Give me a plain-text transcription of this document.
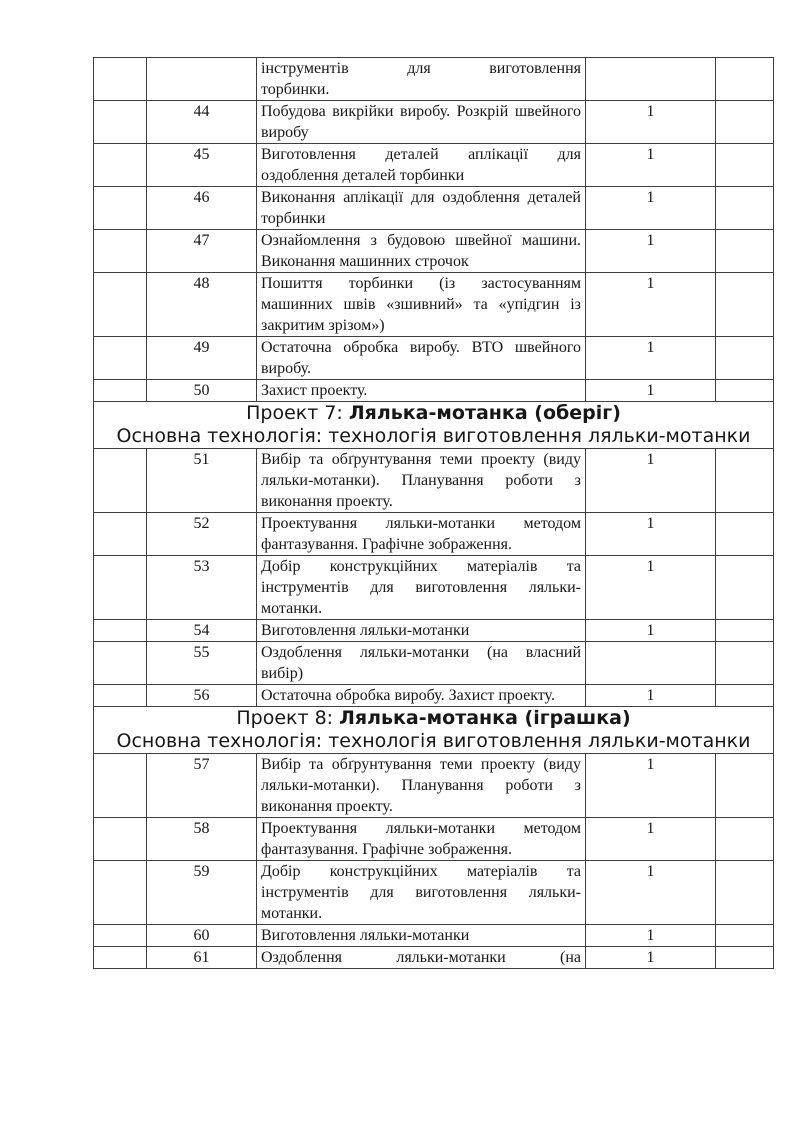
		інструментів для виготовлення
торбинки.		

	44	Побудова викрійки виробу. Розкрій швейного виробу	1	
	45	Виготовлення деталей аплікації для оздоблення деталей торбинки	1	
	46	Виконання аплікації для оздоблення деталей торбинки	1	
	47	Ознайомлення з будовою швейної машини. Виконання машинних строчок	1	
	48	Пошиття торбинки (із застосуванням машинних швів «зшивний» та «упідгин із закритим зрізом»)	1	
	49	Остаточна обробка виробу. ВТО швейного виробу.	1	
	50	Захист проекту.	1	

Проект 7: Лялька-мотанка (оберіг)
Основна технологія: технологія виготовлення ляльки-мотанки				

	51	Вибір та обґрунтування теми проекту (виду ляльки-мотанки). Планування роботи з виконання проекту.	1	
	52	Проектування ляльки-мотанки методом фантазування. Графічне зображення.	1	
	53	Добір конструкційних матеріалів та інструментів для виготовлення ляльки-мотанки.	1	
	54	Виготовлення ляльки-мотанки	1	
	55	Оздоблення ляльки-мотанки (на власний вибір)		
	56	Остаточна обробка виробу. Захист проекту.	1	

Проект 8: Лялька-мотанка (іграшка)
Основна технологія: технологія виготовлення ляльки-мотанки				

	57	Вибір та обґрунтування теми проекту (виду ляльки-мотанки). Планування роботи з виконання проекту.	1	
	58	Проектування ляльки-мотанки методом фантазування. Графічне зображення.	1	
	59	Добір конструкційних матеріалів та інструментів для виготовлення ляльки-мотанки.	1	
	60	Виготовлення ляльки-мотанки	1	
	61	Оздоблення ляльки-мотанки (на	1	
